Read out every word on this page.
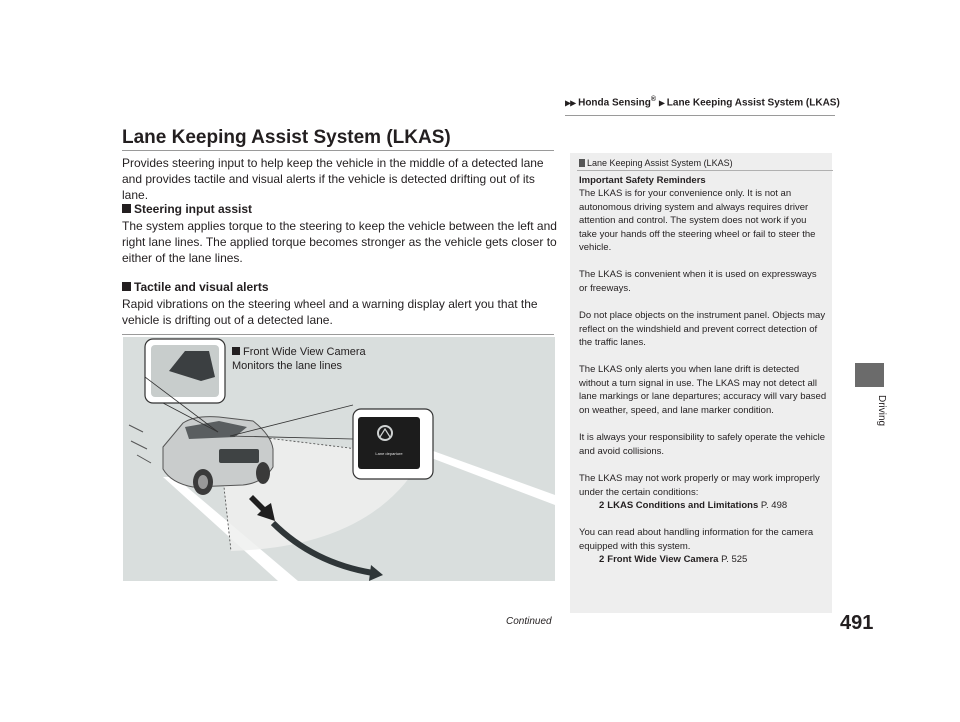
▶▶ Honda Sensing® ▶ Lane Keeping Assist System (LKAS)
Lane Keeping Assist System (LKAS)

Provides steering input to help keep the vehicle in the middle of a detected lane and provides tactile and visual alerts if the vehicle is detected drifting out of its lane.

Steering input assist

The system applies torque to the steering to keep the vehicle between the left and right lane lines. The applied torque becomes stronger as the vehicle gets closer to either of the lane lines.

Tactile and visual alerts

Rapid vibrations on the steering wheel and a warning display alert you that the vehicle is drifting out of a detected lane.

Lane departure
Front Wide View Camera
Monitors the lane lines
Lane Keeping Assist System (LKAS)

Important Safety Reminders

The LKAS is for your convenience only. It is not an autonomous driving system and always requires driver attention and control. The system does not work if you take your hands off the steering wheel or fail to steer the vehicle.

The LKAS is convenient when it is used on expressways or freeways.

Do not place objects on the instrument panel. Objects may reflect on the windshield and prevent correct detection of the traffic lanes.

The LKAS only alerts you when lane drift is detected without a turn signal in use. The LKAS may not detect all lane markings or lane departures; accuracy will vary based on weather, speed, and lane marker condition.

It is always your responsibility to safely operate the vehicle and avoid collisions.

The LKAS may not work properly or may work improperly under the certain conditions:

2 LKAS Conditions and Limitations P. 498

You can read about handling information for the camera equipped with this system.

2 Front Wide View Camera P. 525

Driving
Continued	491
